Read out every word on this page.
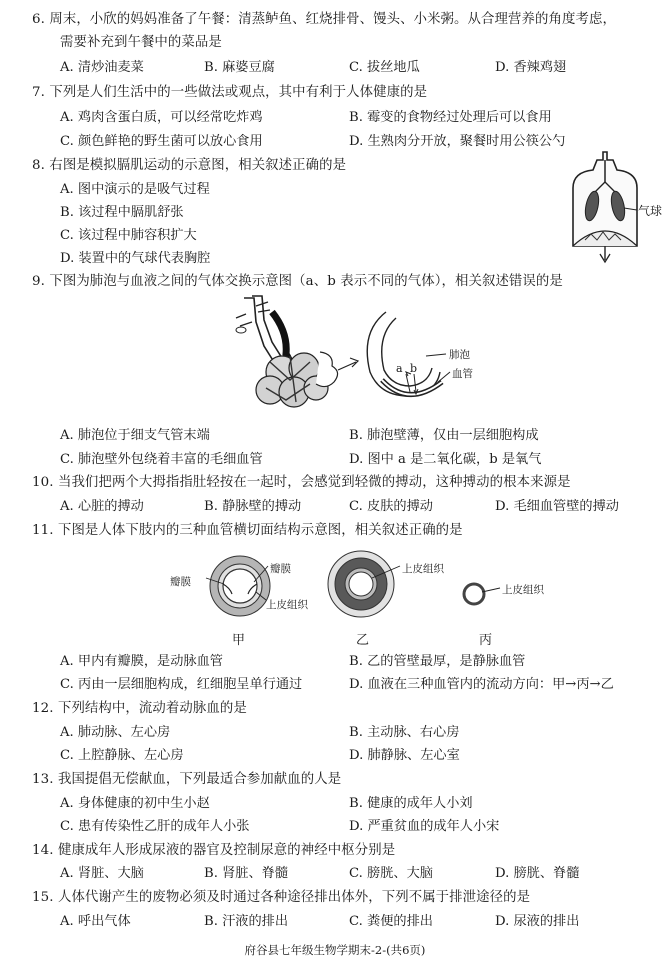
6. 周末，小欣的妈妈准备了午餐：清蒸鲈鱼、红烧排骨、馒头、小米粥。从合理营养的角度考虑，
需要补充到午餐中的菜品是
A. 清炒油麦菜	B. 麻婆豆腐	C. 拔丝地瓜	D. 香辣鸡翅
7. 下列是人们生活中的一些做法或观点，其中有利于人体健康的是
A. 鸡肉含蛋白质，可以经常吃炸鸡	B. 霉变的食物经过处理后可以食用
C. 颜色鲜艳的野生菌可以放心食用	D. 生熟肉分开放，聚餐时用公筷公勺
8. 右图是模拟膈肌运动的示意图，相关叙述正确的是
A. 图中演示的是吸气过程
B. 该过程中膈肌舒张
C. 该过程中肺容积扩大
D. 装置中的气球代表胸腔
气球
9. 下图为肺泡与血液之间的气体交换示意图（a、b 表示不同的气体），相关叙述错误的是
肺泡
血管
a b
A. 肺泡位于细支气管末端	B. 肺泡壁薄，仅由一层细胞构成
C. 肺泡壁外包绕着丰富的毛细血管	D. 图中 a 是二氧化碳，b 是氧气
10. 当我们把两个大拇指指肚轻按在一起时，会感觉到轻微的搏动，这种搏动的根本来源是
A. 心脏的搏动	B. 静脉壁的搏动	C. 皮肤的搏动	D. 毛细血管壁的搏动
11. 下图是人体下肢内的三种血管横切面结构示意图，相关叙述正确的是
瓣膜
瓣膜
上皮组织
上皮组织
上皮组织
甲	乙	丙
A. 甲内有瓣膜，是动脉血管	B. 乙的管壁最厚，是静脉血管
C. 丙由一层细胞构成，红细胞呈单行通过	D. 血液在三种血管内的流动方向：甲→丙→乙
12. 下列结构中，流动着动脉血的是
A. 肺动脉、左心房	B. 主动脉、右心房
C. 上腔静脉、左心房	D. 肺静脉、左心室
13. 我国提倡无偿献血，下列最适合参加献血的人是
A. 身体健康的初中生小赵	B. 健康的成年人小刘
C. 患有传染性乙肝的成年人小张	D. 严重贫血的成年人小宋
14. 健康成年人形成尿液的器官及控制尿意的神经中枢分别是
A. 肾脏、大脑	B. 肾脏、脊髓	C. 膀胱、大脑	D. 膀胱、脊髓
15. 人体代谢产生的废物必须及时通过各种途径排出体外，下列不属于排泄途径的是
A. 呼出气体	B. 汗液的排出	C. 粪便的排出	D. 尿液的排出
府谷县七年级生物学期末-2-(共6页)
